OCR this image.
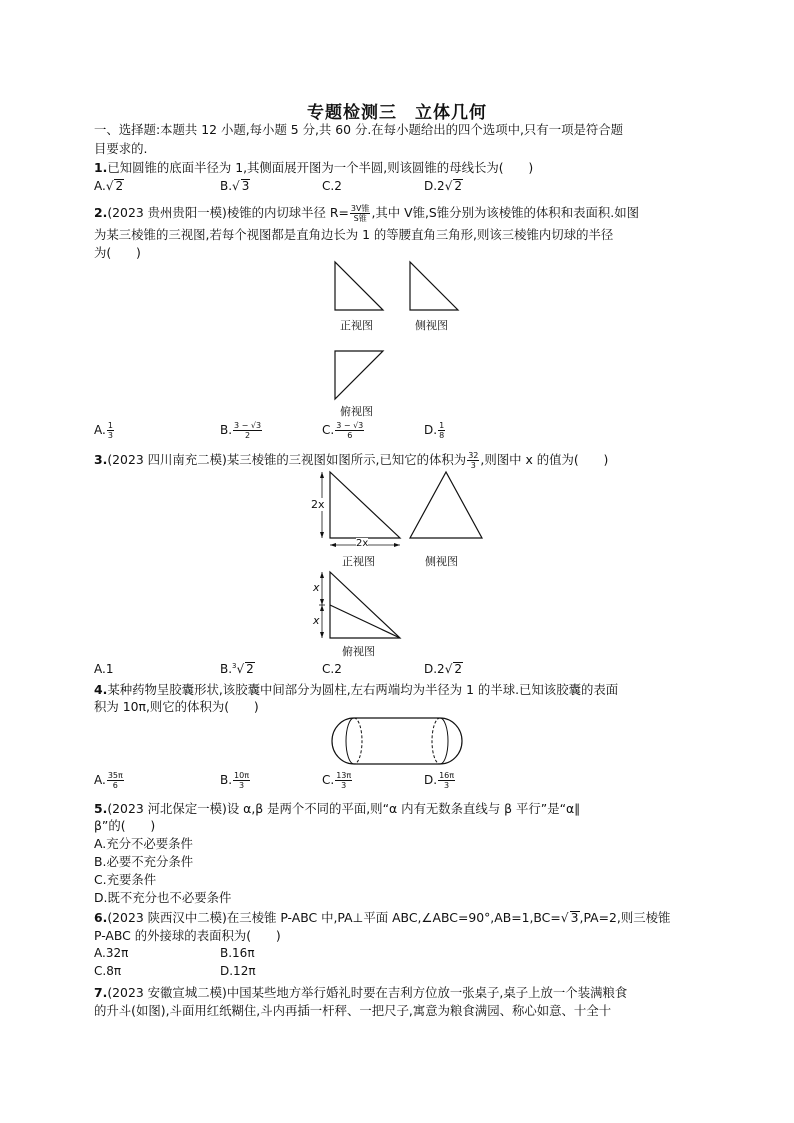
专题检测三　立体几何
一、选择题:本题共 12 小题,每小题 5 分,共 60 分.在每小题给出的四个选项中,只有一项是符合题
目要求的.
1.已知圆锥的底面半径为 1,其侧面展开图为一个半圆,则该圆锥的母线长为(　　)
A.√ 2	B.√ 3	C.2	D.2√ 2
2.(2023 贵州贵阳一模)棱锥的内切球半径 $R= \frac{\text{3V锥}}{\text{S锥}}$ ,其中 V锥,S锥分别为该棱锥的体积和表面积.如图
为某三棱锥的三视图,若每个视图都是直角边长为 1 的等腰直角三角形,则该三棱锥内切球的半径
为(　　)
正视图	侧视图
俯视图
A. $\frac{1}{3}$	B. $\frac{3 - √3}{2}$	C. $\frac{3 - √3}{6}$	D. $\frac{1}{8}$
3.(2023 四川南充二模)某三棱锥的三视图如图所示,已知它的体积为 $\frac{32}{3}$ ,则图中 x 的值为(　　)
2x
2x
正视图	侧视图
x
x
俯视图
A.1	B.$^3$√ 2	C.2	D.2√ 2
4.某种药物呈胶囊形状,该胶囊中间部分为圆柱,左右两端均为半径为 1 的半球.已知该胶囊的表面
积为 10π,则它的体积为(　　)
A. $\frac{35\pi}{6}$	B. $\frac{10\pi}{3}$	C. $\frac{13\pi}{3}$	D. $\frac{16\pi}{3}$
5.(2023 河北保定一模)设 α,β 是两个不同的平面,则“α 内有无数条直线与 β 平行”是“α∥
β”的(　　)
A.充分不必要条件
B.必要不充分条件
C.充要条件
D.既不充分也不必要条件
6.(2023 陕西汉中二模)在三棱锥 P-ABC 中,PA⊥平面 ABC,∠ABC=90°,AB=1,BC=√ 3,PA=2,则三棱锥
P-ABC 的外接球的表面积为(　　)
A.32π	B.16π
C.8π	D.12π
7.(2023 安徽宣城二模)中国某些地方举行婚礼时要在吉利方位放一张桌子,桌子上放一个装满粮食
的升斗(如图),斗面用红纸糊住,斗内再插一杆秤、一把尺子,寓意为粮食满园、称心如意、十全十
